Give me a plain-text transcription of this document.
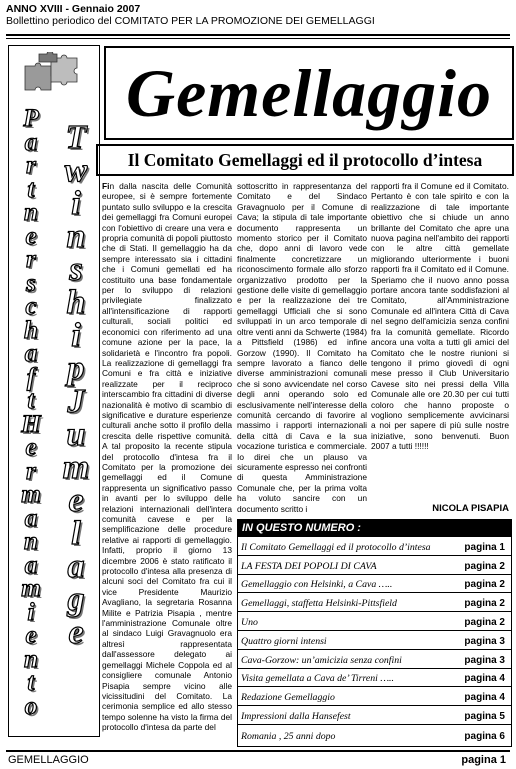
ANNO XVIII - Gennaio 2007
Bollettino periodico del COMITATO PER LA PROMOZIONE DEI GEMELLAGGI
P
a
r
t
n
e
r
s
c
h
a
f
t
H
e
r
m
a
n
a
m
i
e
n
t
o
T
w
i
n
s
h
i
p
J
u
m
e
l
a
g
e
Gemellaggio
Il Comitato Gemellaggi ed il protocollo d’intesa

Fin dalla nascita delle Comunità europee, si è sempre fortemente puntato sullo sviluppo e la crescita dei gemellaggi fra Comuni europei con l'obiettivo di creare una vera e propria comunità di popoli piuttosto che di Stati. Il gemellaggio ha da sempre interessato sia i cittadini che i Comuni gemellati ed ha costituito una base fondamentale per lo sviluppo di relazioni privilegiate finalizzato all'intensificazione di rapporti culturali, sociali politici ed economici con riferimento ad una comune azione per la pace, la solidarietà e l'incontro fra popoli. La realizzazione di gemellaggi fra Comuni e fra città e iniziative realizzate per il reciproco interscambio fra cittadini di diverse nazionalità è motivo di scambio di significative e durature esperienze culturali anche sotto il profilo della crescita delle rispettive comunità. A tal proposito la recente stipula del protocollo d'intesa fra il Comitato per la promozione dei gemellaggi ed il Comune rappresenta un significativo passo in avanti per lo sviluppo delle relazioni internazionali dell'intera comunità cavese e per la semplificazione delle procedure relative ai rapporti di gemellaggio. Infatti, proprio il giorno 13 dicembre 2006 è stato ratificato il protocollo d'intesa alla presenza di alcuni soci del Comitato fra cui il vice Presidente Maurizio Avagliano, la segretaria Rosanna Milite e Patrizia Pisapia , mentre l'amministrazione Comunale oltre al sindaco Luigi Gravagnuolo era altresì rappresentata dall'assessore delegato ai gemellaggi Michele Coppola ed al consigliere comunale Antonio Pisapia sempre vicino alle vicissitudini del Comitato. La cerimonia semplice ed allo stesso tempo solenne ha visto la firma del protocollo d'intesa da parte del

sottoscritto in rappresentanza del Comitato e del Sindaco Gravagnuolo per il Comune di Cava; la stipula di tale importante documento rappresenta un momento storico per il Comitato che, dopo anni di lavoro vede finalmente concretizzare un riconoscimento formale allo sforzo organizzativo prodotto per la gestione delle visite di gemellaggio e per la realizzazione dei tre gemellaggi Ufficiali che si sono sviluppati in un arco temporale di oltre venti anni da Schwerte (1984) a Pittsfield (1986) ed infine Gorzow (1990). Il Comitato ha sempre lavorato a fianco delle diverse amministrazioni comunali che si sono avvicendate nel corso degli anni operando solo ed esclusivamente nell'interesse della comunità cercando di favorire al massimo i rapporti internazionali della città di Cava e la sua vocazione turistica e commerciale. Io direi che un plauso va sicuramente espresso nei confronti di questa Amministrazione Comunale che, per la prima volta ha voluto sancire con un documento scritto i

rapporti fra il Comune ed il Comitato. Pertanto è con tale spirito e con la realizzazione di tale importante obiettivo che si chiude un anno brillante del Comitato che apre una nuova pagina nell'ambito dei rapporti con le altre città gemellate migliorando ulteriormente i buoni rapporti fra il Comitato ed il Comune. Speriamo che il nuovo anno possa portare ancora tante soddisfazioni al Comitato, all'Amministrazione Comunale ed all'intera Città di Cava nel segno dell'amicizia senza confini fra la comunità gemellate. Ricordo ancora una volta a tutti gli amici del Comitato che le nostre riunioni si tengono il primo giovedì di ogni mese presso il Club Universitario Cavese sito nei pressi della Villa Comunale alle ore 20.30 per cui tutti coloro che hanno proposte o vogliono semplicemente avvicinarsi a noi per sapere di più sulle nostre iniziative, sono benvenuti. Buon 2007 a tutti !!!!!!

NICOLA PISAPIA
IN QUESTO NUMERO :
Il Comitato Gemellaggi ed il protocollo d’intesa	pagina 1
LA FESTA DEI POPOLI DI CAVA	pagina 2
Gemellaggio con Helsinki, a Cava …..	pagina 2
Gemellaggi, staffetta Helsinki-Pittsfield	pagina 2
Uno	pagina 2
Quattro giorni intensi	pagina 3
Cava-Gorzow: un’amicizia senza confini	pagina 3
Visita gemellata a Cava de’ Tirreni …..	pagina 4
Redazione Gemellaggio	pagina 4
Impressioni dalla Hansefest	pagina 5
Romania , 25 anni dopo	pagina 6
GEMELLAGGIO	pagina 1
